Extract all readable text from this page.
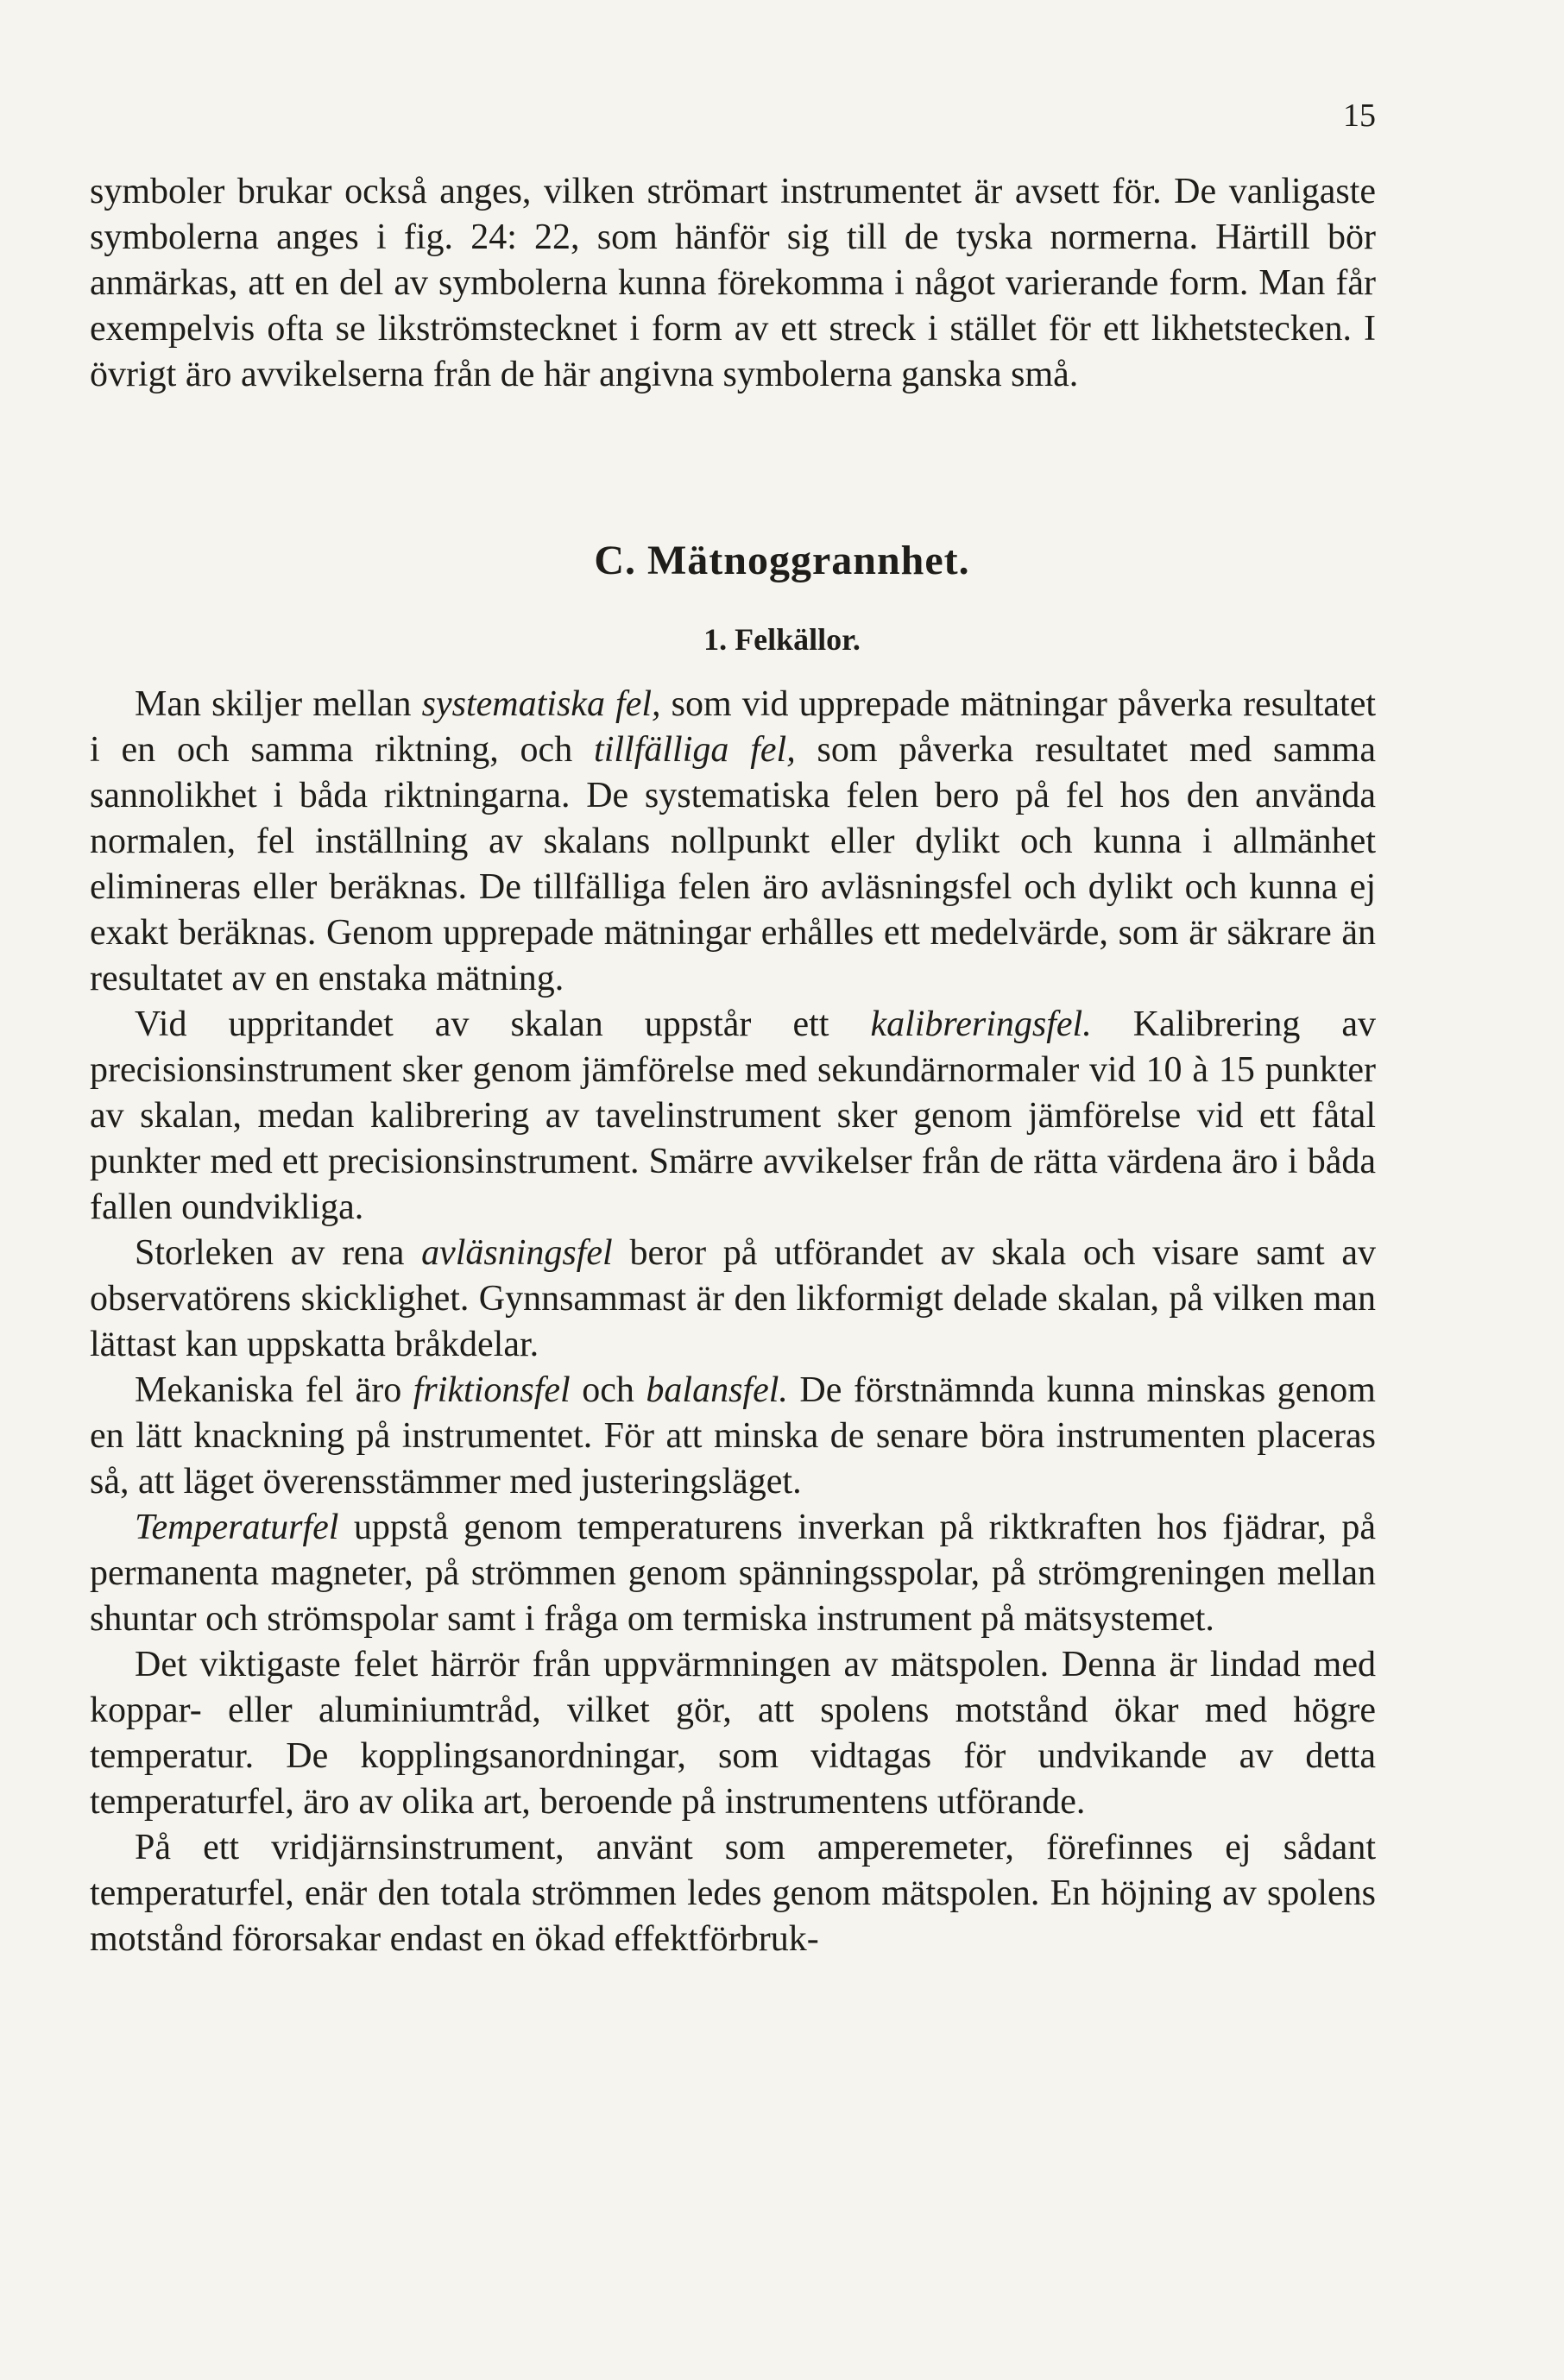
15

symboler brukar också anges, vilken strömart instrumentet är avsett för. De vanligaste symbolerna anges i fig. 24: 22, som hänför sig till de tyska normerna. Härtill bör anmärkas, att en del av symbolerna kunna förekomma i något varierande form. Man får exempelvis ofta se likströmstecknet i form av ett streck i stället för ett likhetstecken. I övrigt äro avvikelserna från de här angivna symbolerna ganska små.

C. Mätnoggrannhet.
1. Felkällor.

Man skiljer mellan systematiska fel, som vid upprepade mätningar påverka resultatet i en och samma riktning, och tillfälliga fel, som påverka resultatet med samma sannolikhet i båda riktningarna. De systematiska felen bero på fel hos den använda normalen, fel inställning av skalans nollpunkt eller dylikt och kunna i allmänhet elimineras eller beräknas. De tillfälliga felen äro avläsningsfel och dylikt och kunna ej exakt beräknas. Genom upprepade mätningar erhålles ett medelvärde, som är säkrare än resultatet av en enstaka mätning.

Vid uppritandet av skalan uppstår ett kalibreringsfel. Kalibrering av precisionsinstrument sker genom jämförelse med sekundärnormaler vid 10 à 15 punkter av skalan, medan kalibrering av tavelinstrument sker genom jämförelse vid ett fåtal punkter med ett precisionsinstrument. Smärre avvikelser från de rätta värdena äro i båda fallen oundvikliga.

Storleken av rena avläsningsfel beror på utförandet av skala och visare samt av observatörens skicklighet. Gynnsammast är den likformigt delade skalan, på vilken man lättast kan uppskatta bråkdelar.

Mekaniska fel äro friktionsfel och balansfel. De förstnämnda kunna minskas genom en lätt knackning på instrumentet. För att minska de senare böra instrumenten placeras så, att läget överensstämmer med justeringsläget.

Temperaturfel uppstå genom temperaturens inverkan på riktkraften hos fjädrar, på permanenta magneter, på strömmen genom spänningsspolar, på strömgreningen mellan shuntar och strömspolar samt i fråga om termiska instrument på mätsystemet.

Det viktigaste felet härrör från uppvärmningen av mätspolen. Denna är lindad med koppar- eller aluminiumtråd, vilket gör, att spolens motstånd ökar med högre temperatur. De kopplingsanordningar, som vidtagas för undvikande av detta temperaturfel, äro av olika art, beroende på instrumentens utförande.

På ett vridjärnsinstrument, använt som amperemeter, förefinnes ej sådant temperaturfel, enär den totala strömmen ledes genom mätspolen. En höjning av spolens motstånd förorsakar endast en ökad effektförbruk-
